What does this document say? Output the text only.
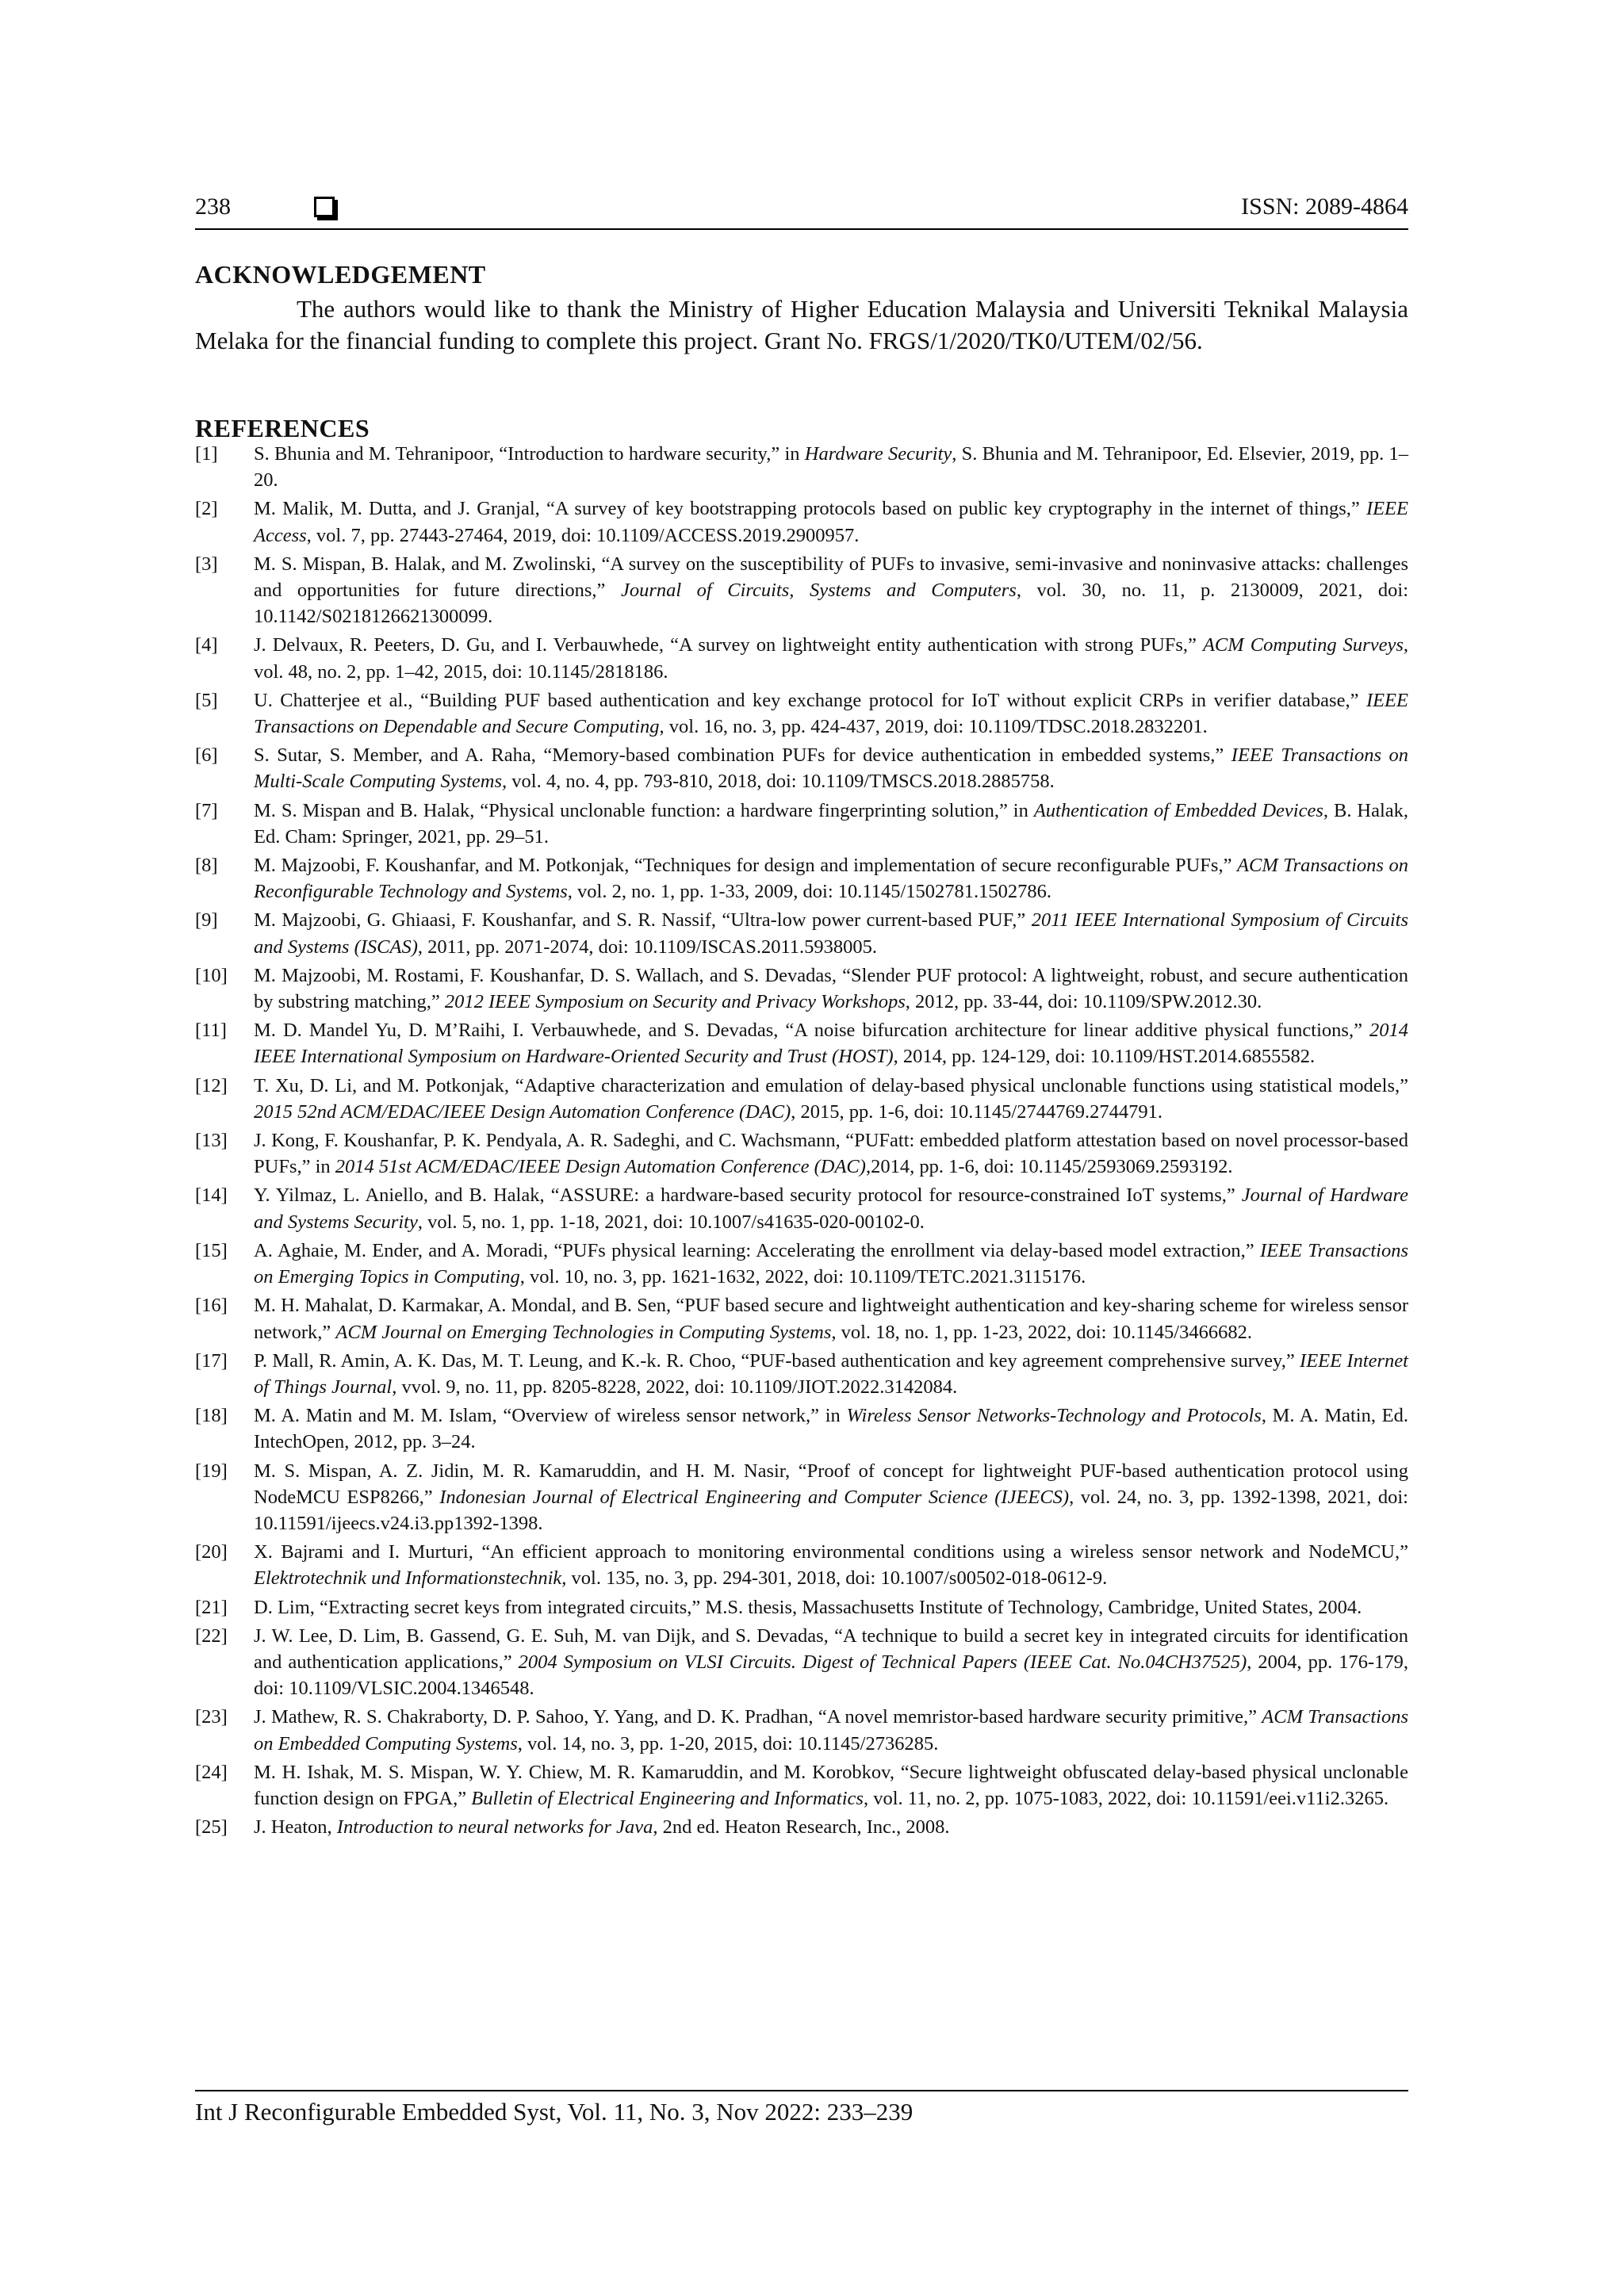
238	ISSN: 2089-4864
ACKNOWLEDGEMENT
The authors would like to thank the Ministry of Higher Education Malaysia and Universiti Teknikal Malaysia Melaka for the financial funding to complete this project. Grant No. FRGS/1/2020/TK0/UTEM/02/56.
REFERENCES
[1] S. Bhunia and M. Tehranipoor, “Introduction to hardware security,” in Hardware Security, S. Bhunia and M. Tehranipoor, Ed. Elsevier, 2019, pp. 1–20.
[2] M. Malik, M. Dutta, and J. Granjal, “A survey of key bootstrapping protocols based on public key cryptography in the internet of things,” IEEE Access, vol. 7, pp. 27443-27464, 2019, doi: 10.1109/ACCESS.2019.2900957.
[3] M. S. Mispan, B. Halak, and M. Zwolinski, “A survey on the susceptibility of PUFs to invasive, semi-invasive and noninvasive attacks: challenges and opportunities for future directions,” Journal of Circuits, Systems and Computers, vol. 30, no. 11, p. 2130009, 2021, doi: 10.1142/S0218126621300099.
[4] J. Delvaux, R. Peeters, D. Gu, and I. Verbauwhede, “A survey on lightweight entity authentication with strong PUFs,” ACM Computing Surveys, vol. 48, no. 2, pp. 1–42, 2015, doi: 10.1145/2818186.
[5] U. Chatterjee et al., “Building PUF based authentication and key exchange protocol for IoT without explicit CRPs in verifier database,” IEEE Transactions on Dependable and Secure Computing, vol. 16, no. 3, pp. 424-437, 2019, doi: 10.1109/TDSC.2018.2832201.
[6] S. Sutar, S. Member, and A. Raha, “Memory-based combination PUFs for device authentication in embedded systems,” IEEE Transactions on Multi-Scale Computing Systems, vol. 4, no. 4, pp. 793-810, 2018, doi: 10.1109/TMSCS.2018.2885758.
[7] M. S. Mispan and B. Halak, “Physical unclonable function: a hardware fingerprinting solution,” in Authentication of Embedded Devices, B. Halak, Ed. Cham: Springer, 2021, pp. 29–51.
[8] M. Majzoobi, F. Koushanfar, and M. Potkonjak, “Techniques for design and implementation of secure reconfigurable PUFs,” ACM Transactions on Reconfigurable Technology and Systems, vol. 2, no. 1, pp. 1-33, 2009, doi: 10.1145/1502781.1502786.
[9] M. Majzoobi, G. Ghiaasi, F. Koushanfar, and S. R. Nassif, “Ultra-low power current-based PUF,” 2011 IEEE International Symposium of Circuits and Systems (ISCAS), 2011, pp. 2071-2074, doi: 10.1109/ISCAS.2011.5938005.
[10] M. Majzoobi, M. Rostami, F. Koushanfar, D. S. Wallach, and S. Devadas, “Slender PUF protocol: A lightweight, robust, and secure authentication by substring matching,” 2012 IEEE Symposium on Security and Privacy Workshops, 2012, pp. 33-44, doi: 10.1109/SPW.2012.30.
[11] M. D. Mandel Yu, D. M’Raihi, I. Verbauwhede, and S. Devadas, “A noise bifurcation architecture for linear additive physical functions,” 2014 IEEE International Symposium on Hardware-Oriented Security and Trust (HOST), 2014, pp. 124-129, doi: 10.1109/HST.2014.6855582.
[12] T. Xu, D. Li, and M. Potkonjak, “Adaptive characterization and emulation of delay-based physical unclonable functions using statistical models,” 2015 52nd ACM/EDAC/IEEE Design Automation Conference (DAC), 2015, pp. 1-6, doi: 10.1145/2744769.2744791.
[13] J. Kong, F. Koushanfar, P. K. Pendyala, A. R. Sadeghi, and C. Wachsmann, “PUFatt: embedded platform attestation based on novel processor-based PUFs,” in 2014 51st ACM/EDAC/IEEE Design Automation Conference (DAC),2014, pp. 1-6, doi: 10.1145/2593069.2593192.
[14] Y. Yilmaz, L. Aniello, and B. Halak, “ASSURE: a hardware-based security protocol for resource-constrained IoT systems,” Journal of Hardware and Systems Security, vol. 5, no. 1, pp. 1-18, 2021, doi: 10.1007/s41635-020-00102-0.
[15] A. Aghaie, M. Ender, and A. Moradi, “PUFs physical learning: Accelerating the enrollment via delay-based model extraction,” IEEE Transactions on Emerging Topics in Computing, vol. 10, no. 3, pp. 1621-1632, 2022, doi: 10.1109/TETC.2021.3115176.
[16] M. H. Mahalat, D. Karmakar, A. Mondal, and B. Sen, “PUF based secure and lightweight authentication and key-sharing scheme for wireless sensor network,” ACM Journal on Emerging Technologies in Computing Systems, vol. 18, no. 1, pp. 1-23, 2022, doi: 10.1145/3466682.
[17] P. Mall, R. Amin, A. K. Das, M. T. Leung, and K.-k. R. Choo, “PUF-based authentication and key agreement comprehensive survey,” IEEE Internet of Things Journal, vvol. 9, no. 11, pp. 8205-8228, 2022, doi: 10.1109/JIOT.2022.3142084.
[18] M. A. Matin and M. M. Islam, “Overview of wireless sensor network,” in Wireless Sensor Networks-Technology and Protocols, M. A. Matin, Ed. IntechOpen, 2012, pp. 3–24.
[19] M. S. Mispan, A. Z. Jidin, M. R. Kamaruddin, and H. M. Nasir, “Proof of concept for lightweight PUF-based authentication protocol using NodeMCU ESP8266,” Indonesian Journal of Electrical Engineering and Computer Science (IJEECS), vol. 24, no. 3, pp. 1392-1398, 2021, doi: 10.11591/ijeecs.v24.i3.pp1392-1398.
[20] X. Bajrami and I. Murturi, “An efficient approach to monitoring environmental conditions using a wireless sensor network and NodeMCU,” Elektrotechnik und Informationstechnik, vol. 135, no. 3, pp. 294-301, 2018, doi: 10.1007/s00502-018-0612-9.
[21] D. Lim, “Extracting secret keys from integrated circuits,” M.S. thesis, Massachusetts Institute of Technology, Cambridge, United States, 2004.
[22] J. W. Lee, D. Lim, B. Gassend, G. E. Suh, M. van Dijk, and S. Devadas, “A technique to build a secret key in integrated circuits for identification and authentication applications,” 2004 Symposium on VLSI Circuits. Digest of Technical Papers (IEEE Cat. No.04CH37525), 2004, pp. 176-179, doi: 10.1109/VLSIC.2004.1346548.
[23] J. Mathew, R. S. Chakraborty, D. P. Sahoo, Y. Yang, and D. K. Pradhan, “A novel memristor-based hardware security primitive,” ACM Transactions on Embedded Computing Systems, vol. 14, no. 3, pp. 1-20, 2015, doi: 10.1145/2736285.
[24] M. H. Ishak, M. S. Mispan, W. Y. Chiew, M. R. Kamaruddin, and M. Korobkov, “Secure lightweight obfuscated delay-based physical unclonable function design on FPGA,” Bulletin of Electrical Engineering and Informatics, vol. 11, no. 2, pp. 1075-1083, 2022, doi: 10.11591/eei.v11i2.3265.
[25] J. Heaton, Introduction to neural networks for Java, 2nd ed. Heaton Research, Inc., 2008.
Int J Reconfigurable Embedded Syst, Vol. 11, No. 3, Nov 2022: 233–239
